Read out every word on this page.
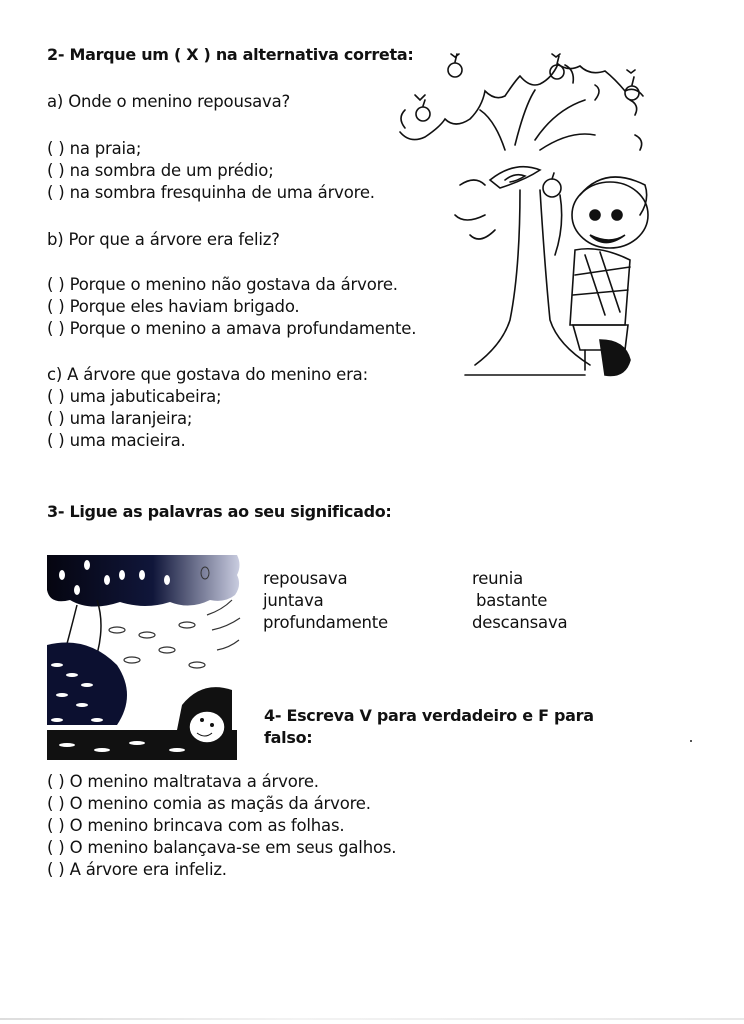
2- Marque um ( X ) na alternativa correta:
a) Onde o menino repousava?
( ) na praia;
( ) na sombra de um prédio;
( ) na sombra fresquinha de uma árvore.
b) Por que a árvore era feliz?
( ) Porque o menino não gostava da árvore.
( ) Porque eles haviam brigado.
( ) Porque o menino a amava profundamente.
c) A árvore que gostava do menino era:
( ) uma jabuticabeira;
( ) uma laranjeira;
( ) uma macieira.
3- Ligue as palavras ao seu significado:
repousava
juntava
profundamente
reunia
bastante
descansava
4- Escreva V para verdadeiro e F para
falso:
( ) O menino maltratava a árvore.
( ) O menino comia as maçãs da árvore.
( ) O menino brincava com as folhas.
( ) O menino balançava-se em seus galhos.
( ) A árvore era infeliz.
